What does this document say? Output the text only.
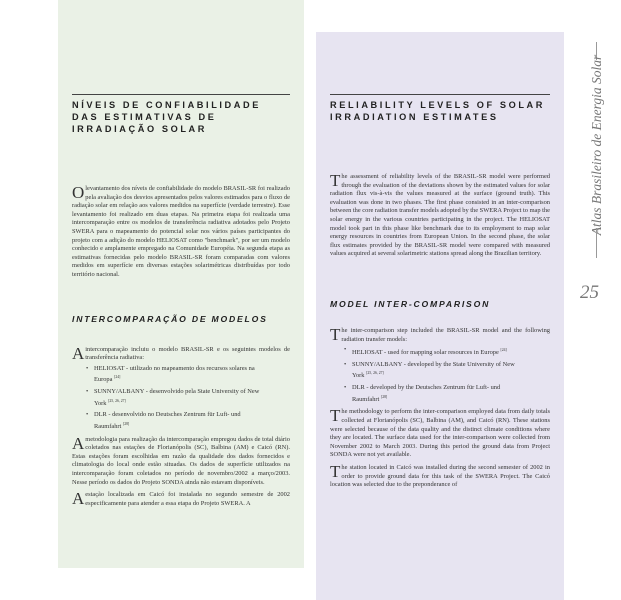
NÍVEIS DE CONFIABILIDADE DAS ESTIMATIVAS DE IRRADIAÇÃO SOLAR

Olevantamento dos níveis de confiabilidade do modelo BRASIL-SR foi realizado pela avaliação dos desvios apresentados pelos valores estimados para o fluxo de radiação solar em relação aos valores medidos na superfície (verdade terrestre). Esse levantamento foi realizado em duas etapas. Na primeira etapa foi realizada uma intercomparação entre os modelos de transferência radiativa adotados pelo Projeto SWERA para o mapeamento do potencial solar nos vários países participantes do projeto com a adição do modelo HELIOSAT como "benchmark", por ser um modelo conhecido e amplamente empregado na Comunidade Européia. Na segunda etapa as estimativas fornecidas pelo modelo BRASIL-SR foram comparadas com valores medidos em superfície em diversas estações solarimétricas distribuídas por todo território nacional.

INTERCOMPARAÇÃO DE MODELOS

Aintercomparação incluiu o modelo BRASIL-SR e os seguintes modelos de transferência radiativa:

• HELIOSAT - utilizado no mapeamento dos recursos solares na Europa [24]
• SUNNY/ALBANY - desenvolvido pela State University of New York [25, 26, 27]
• DLR - desenvolvido no Deutsches Zentrum für Luft- und Raumfahrt [28]

Ametodologia para realização da intercomparação empregou dados de total diário coletados nas estações de Florianópolis (SC), Balbina (AM) e Caicó (RN). Estas estações foram escolhidas em razão da qualidade dos dados fornecidos e climatologia do local onde estão situadas. Os dados de superfície utilizados na intercomparação foram coletados no período de novembro/2002 a março/2003. Nesse período os dados do Projeto SONDA ainda não estavam disponíveis.

Aestação localizada em Caicó foi instalada no segundo semestre de 2002 especificamente para atender a essa etapa do Projeto SWERA. A

RELIABILITY LEVELS OF SOLAR IRRADIATION ESTIMATES

The assessment of reliability levels of the BRASIL-SR model were performed through the evaluation of the deviations shown by the estimated values for solar radiation flux vis-à-vis the values measured at the surface (ground truth). This evaluation was done in two phases. The first phase consisted in an inter-comparison between the core radiation transfer models adopted by the SWERA Project to map the solar energy in the various countries participating in the project. The HELIOSAT model took part in this phase like benchmark due to its employment to map solar energy resources in countries from European Union. In the second phase, the solar flux estimates provided by the BRASIL-SR model were compared with measured values acquired at several solarimetric stations spread along the Brazilian territory.

MODEL INTER-COMPARISON

The inter-comparison step included the BRASIL-SR model and the following radiation transfer models:

• HELIOSAT - used for mapping solar resources in Europe [24]
• SUNNY/ALBANY - developed by the State University of New York [25, 26, 27]
• DLR - developed by the Deutsches Zentrum für Luft- und Raumfahrt [28]

The methodology to perform the inter-comparison employed data from daily totals collected at Florianópolis (SC), Balbina (AM), and Caicó (RN). These stations were selected because of the data quality and the distinct climate conditions where they are located. The surface data used for the inter-comparison were collected from November 2002 to March 2003. During this period the ground data from Project SONDA were not yet available.

The station located in Caicó was installed during the second semester of 2002 in order to provide ground data for this task of the SWERA Project. The Caicó location was selected due to the preponderance of

Atlas Brasileiro de Energia Solar
25
